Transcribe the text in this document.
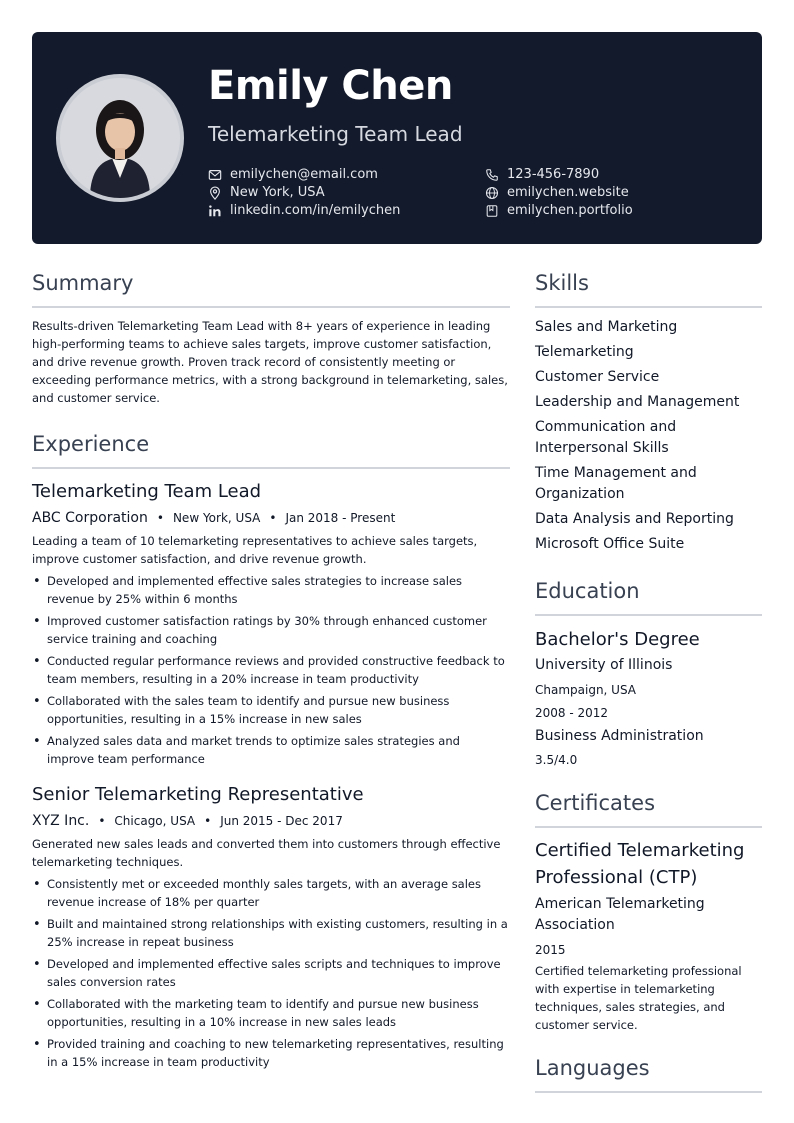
Emily Chen
Telemarketing Team Lead
emilychen@email.com	123-456-7890
New York, USA	emilychen.website
linkedin.com/in/emilychen	emilychen.portfolio
Summary
Results-driven Telemarketing Team Lead with 8+ years of experience in leading high-performing teams to achieve sales targets, improve customer satisfaction, and drive revenue growth. Proven track record of consistently meeting or exceeding performance metrics, with a strong background in telemarketing, sales, and customer service.
Experience
Telemarketing Team Lead
ABC Corporation • New York, USA • Jan 2018 - Present
Leading a team of 10 telemarketing representatives to achieve sales targets, improve customer satisfaction, and drive revenue growth.
• Developed and implemented effective sales strategies to increase sales revenue by 25% within 6 months
• Improved customer satisfaction ratings by 30% through enhanced customer service training and coaching
• Conducted regular performance reviews and provided constructive feedback to team members, resulting in a 20% increase in team productivity
• Collaborated with the sales team to identify and pursue new business opportunities, resulting in a 15% increase in new sales
• Analyzed sales data and market trends to optimize sales strategies and improve team performance
Senior Telemarketing Representative
XYZ Inc. • Chicago, USA • Jun 2015 - Dec 2017
Generated new sales leads and converted them into customers through effective telemarketing techniques.
• Consistently met or exceeded monthly sales targets, with an average sales revenue increase of 18% per quarter
• Built and maintained strong relationships with existing customers, resulting in a 25% increase in repeat business
• Developed and implemented effective sales scripts and techniques to improve sales conversion rates
• Collaborated with the marketing team to identify and pursue new business opportunities, resulting in a 10% increase in new sales leads
• Provided training and coaching to new telemarketing representatives, resulting in a 15% increase in team productivity
Skills
Sales and Marketing
Telemarketing
Customer Service
Leadership and Management
Communication and Interpersonal Skills
Time Management and Organization
Data Analysis and Reporting
Microsoft Office Suite
Education
Bachelor's Degree
University of Illinois
Champaign, USA
2008 - 2012
Business Administration
3.5/4.0
Certificates
Certified Telemarketing Professional (CTP)
American Telemarketing Association
2015
Certified telemarketing professional with expertise in telemarketing techniques, sales strategies, and customer service.
Languages
